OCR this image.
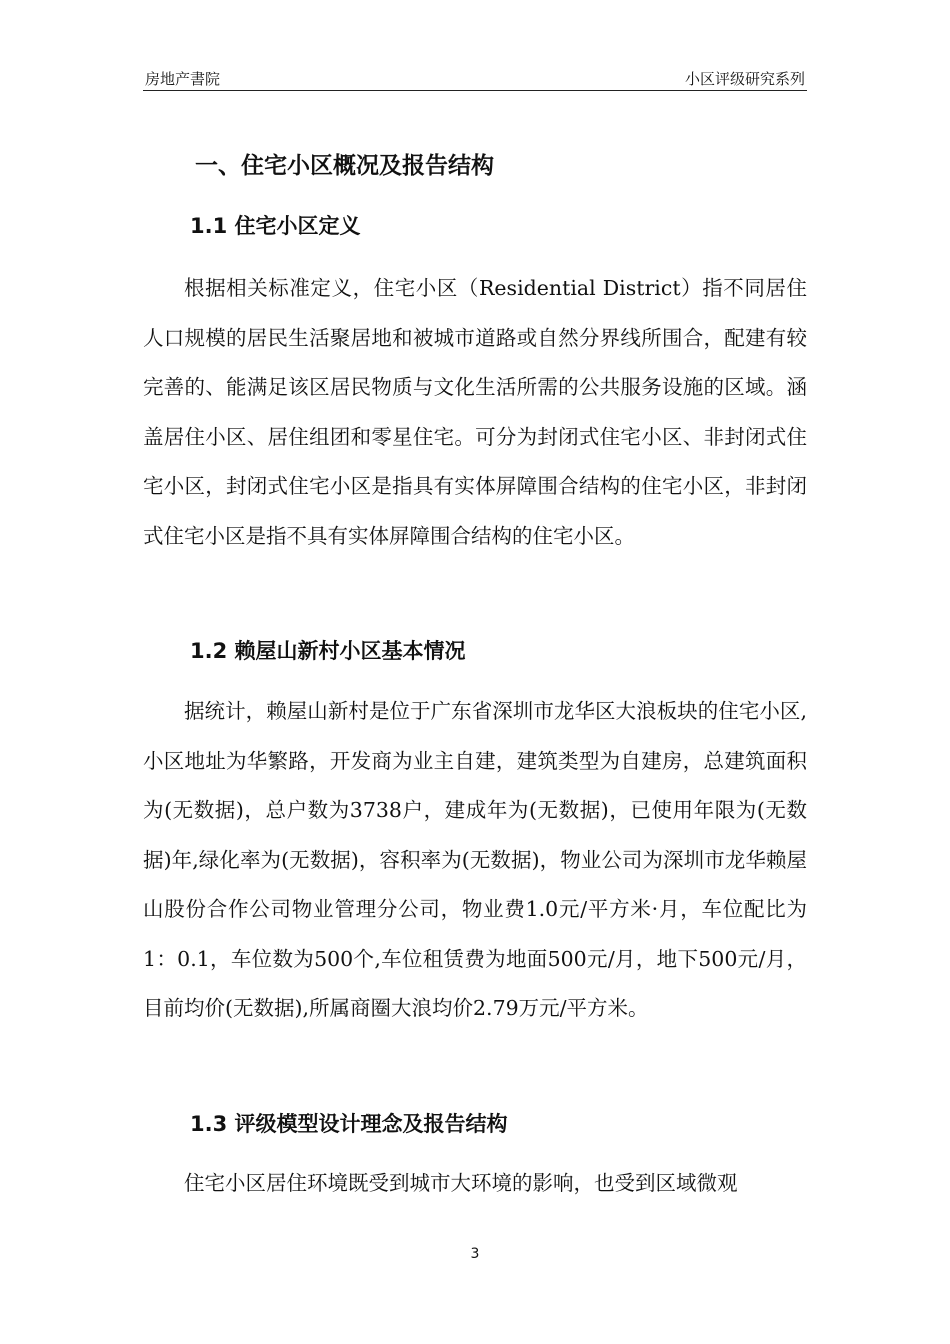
房地产書院	小区评级研究系列
一、住宅小区概况及报告结构
1.1 住宅小区定义

根据相关标准定义，住宅小区（Residential District）指不同居住人口规模的居民生活聚居地和被城市道路或自然分界线所围合，配建有较完善的、能满足该区居民物质与文化生活所需的公共服务设施的区域。涵盖居住小区、居住组团和零星住宅。可分为封闭式住宅小区、非封闭式住宅小区，封闭式住宅小区是指具有实体屏障围合结构的住宅小区，非封闭式住宅小区是指不具有实体屏障围合结构的住宅小区。

1.2 赖屋山新村小区基本情况

据统计，赖屋山新村是位于广东省深圳市龙华区大浪板块的住宅小区,小区地址为华繁路，开发商为业主自建，建筑类型为自建房，总建筑面积为(无数据)，总户数为3738户，建成年为(无数据)，已使用年限为(无数据)年,绿化率为(无数据)，容积率为(无数据)，物业公司为深圳市龙华赖屋山股份合作公司物业管理分公司，物业费1.0元/平方米·月，车位配比为1：0.1，车位数为500个,车位租赁费为地面500元/月，地下500元/月，目前均价(无数据),所属商圈大浪均价2.79万元/平方米。

1.3 评级模型设计理念及报告结构

住宅小区居住环境既受到城市大环境的影响，也受到区域微观

3
